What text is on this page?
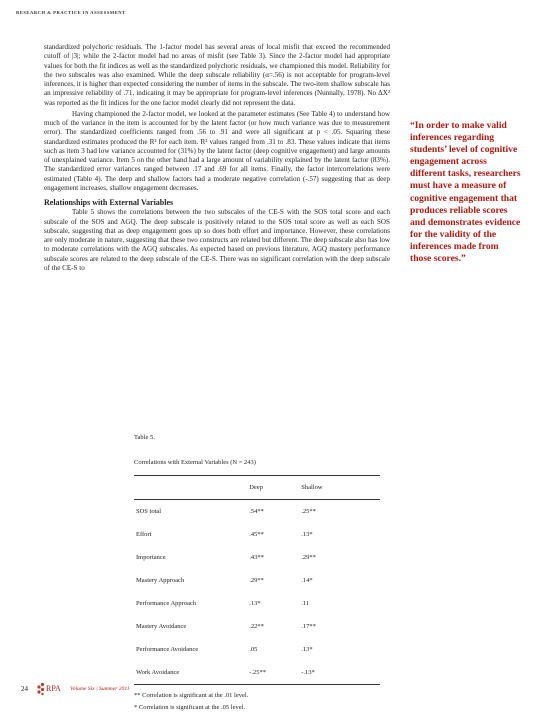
RESEARCH & PRACTICE IN ASSESSMENT

standardized polychoric residuals. The 1-factor model has several areas of local misfit that exceed the recommended cutoff of |3|; while the 2-factor model had no areas of misfit (see Table 3). Since the 2-factor model had appropriate values for both the fit indices as well as the standardized polychoric residuals, we championed this model. Reliability for the two subscales was also examined. While the deep subscale reliability (α=.56) is not acceptable for program-level inferences, it is higher than expected considering the number of items in the subscale. The two-item shallow subscale has an impressive reliability of .71, indicating it may be appropriate for program-level inferences (Nunnally, 1978). No ΔX² was reported as the fit indices for the one factor model clearly did not represent the data.

Having championed the 2-factor model, we looked at the parameter estimates (See Table 4) to understand how much of the variance in the item is accounted for by the latent factor (or how much variance was due to measurement error). The standardized coefficients ranged from .56 to .91 and were all significant at p < .05. Squaring these standardized estimates produced the R² for each item. R² values ranged from .31 to .83. These values indicate that items such as item 3 had low variance accounted for (31%) by the latent factor (deep cognitive engagement) and large amounts of unexplained variance. Item 5 on the other hand had a large amount of variability explained by the latent factor (83%). The standardized error variances ranged between .17 and .69 for all items. Finally, the factor intercorrelations were estimated (Table 4). The deep and shallow factors had a moderate negative correlation (-.57) suggesting that as deep engagement increases, shallow engagement decreases.

Relationships with External Variables

Table 5 shows the correlations between the two subscales of the CE-S with the SOS total score and each subscale of the SOS and AGQ. The deep subscale is positively related to the SOS total score as well as each SOS subscale, suggesting that as deep engagement goes up so does both effort and importance. However, these correlations are only moderate in nature, suggesting that these two constructs are related but different. The deep subscale also has low to moderate correlations with the AGQ subscales. As expected based on previous literature, AGQ mastery performance subscale scores are related to the deep subscale of the CE-S. There was no significant correlation with the deep subscale of the CE-S to

“In order to make valid inferences regarding students’ level of cognitive engagement across different tasks, researchers must have a measure of cognitive engagement that produces reliable scores and demonstrates evidence for the validity of the inferences made from those scores.”

Table 5.

Correlations with External Variables (N = 243)

	Deep	Shallow
SOS total	.54**	.25**
Effort	.45**	.13*
Importance	.43**	.29**
Mastery Approach	.29**	.14*
Performance Approach	.13*	.11
Mastery Avoidance	.22**	.17**
Performance Avoidance	.05	.13*
Work Avoidance	-.25**	-.13*

** Correlation is significant at the .01 level.

* Correlation is significant at the .05 level.

24 RPA Volume Six | Summer 2011
